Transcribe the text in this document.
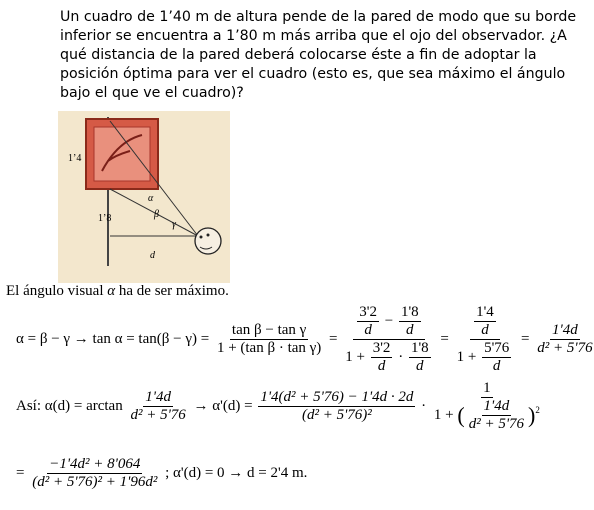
Un cuadro de 1’40 m de altura pende de la pared de modo que su borde inferior se encuentra a 1’80 m más arriba que el ojo del observador. ¿A qué distancia de la pared deberá colocarse éste a fin de adoptar la posición óptima para ver el cuadro (esto es, que sea máximo el ángulo bajo el que ve el cuadro)?
1’4
1’8
α
β
γ
d
El ángulo visual α ha de ser máximo.
$\alpha = \beta - \gamma \to \tan \alpha = \tan(\beta - \gamma) = \frac{\text{tan β − tan γ}}{\text{1 + (tan β · tan γ)}} = \frac{\frac{3'2}{d} - \frac{1'8}{d}}{1 + \frac{3'2}{d} \cdot \frac{1'8}{d}} = \frac{\frac{1'4}{d}}{1 + \frac{5'76}{d}} = \frac{1'4d}{\text{d² + 5'76}}$
Así: $\alpha(d) = \arctan \frac{1'4d}{\text{d² + 5'76}} \to \alpha'(d) = \frac{\text{1'4(d² + 5'76) − 1'4d · 2d}}{\text{(d² + 5'76)²}} \cdot \frac{1}{1 + ( \frac{1'4d}{\text{d² + 5'76}} )^2}$
= $\frac{\text{−1'4d² + 8'064}}{\text{(d² + 5'76)² + 1'96d²}}$ ; α'(d) = 0 → d = 2'4 m.
